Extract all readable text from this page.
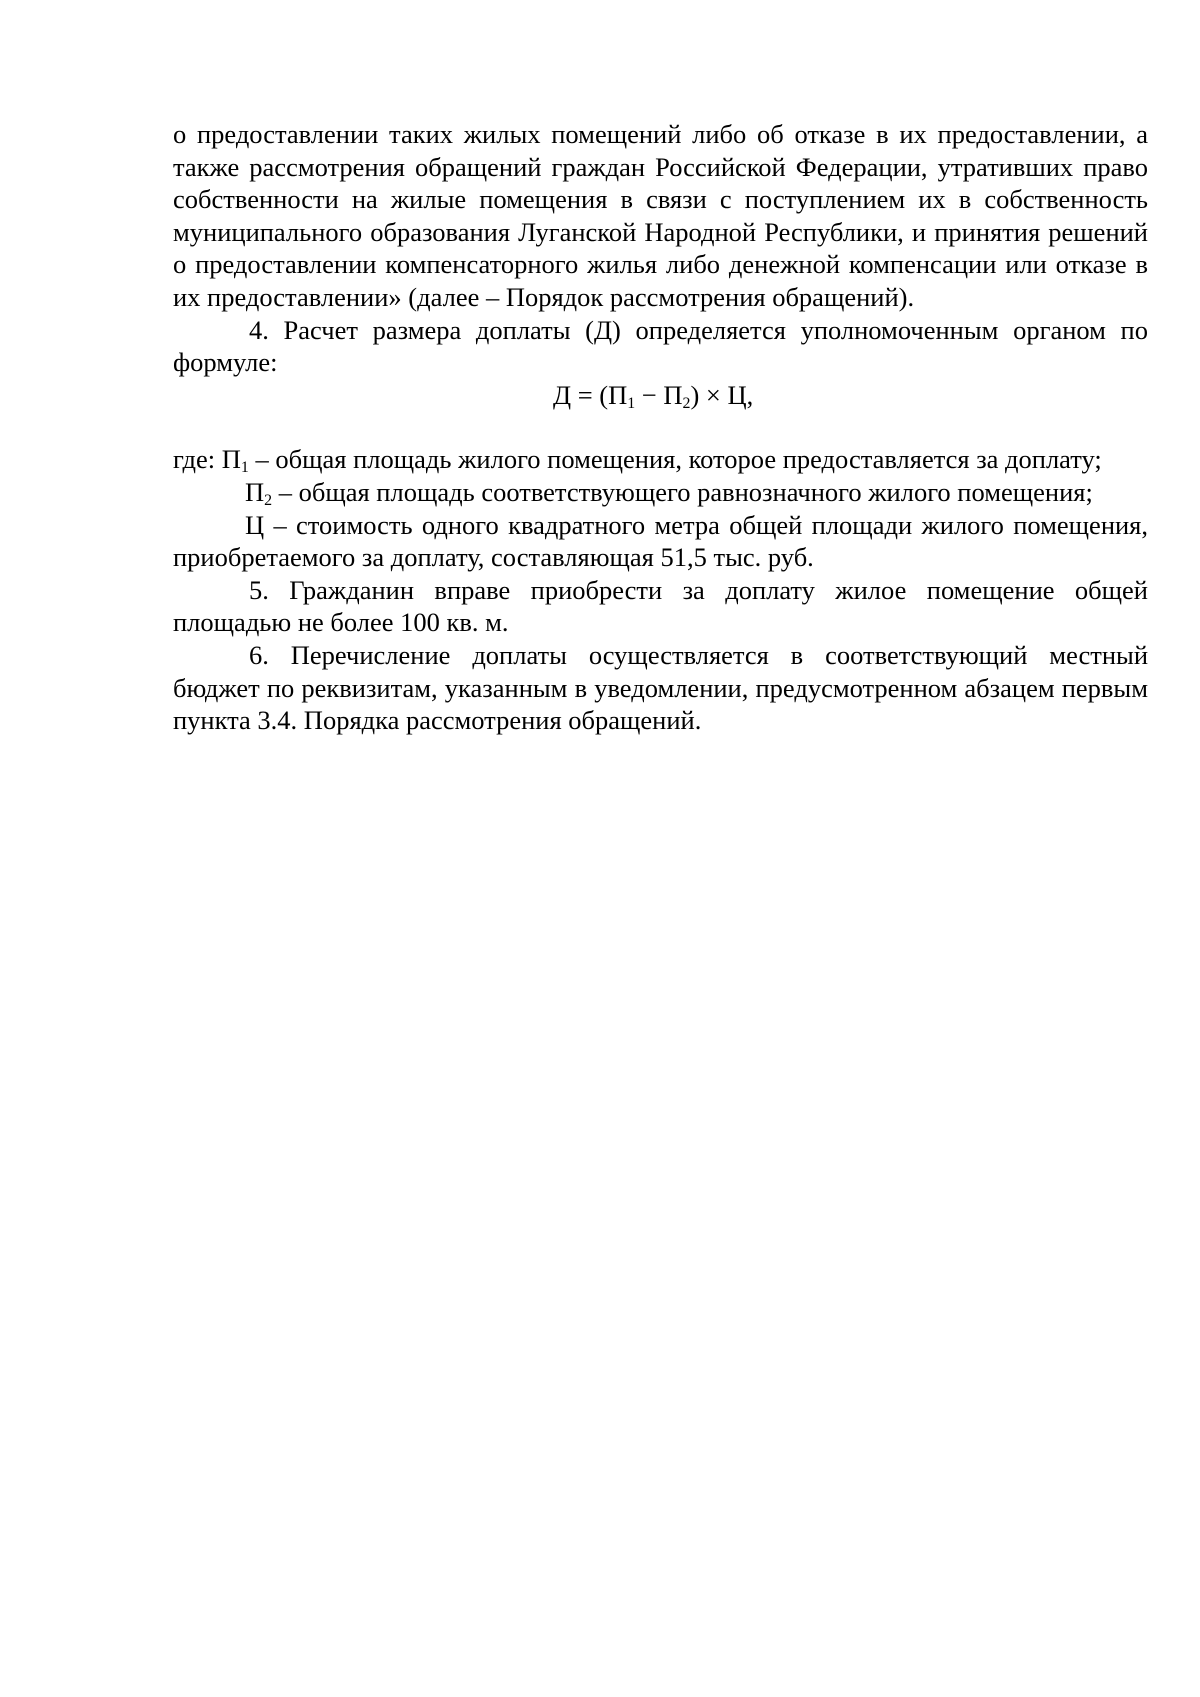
о предоставлении таких жилых помещений либо об отказе в их предоставлении, а также рассмотрения обращений граждан Российской Федерации, утративших право собственности на жилые помещения в связи с поступлением их в собственность муниципального образования Луганской Народной Республики, и принятия решений о предоставлении компенсаторного жилья либо денежной компенсации или отказе в их предоставлении» (далее – Порядок рассмотрения обращений).

4. Расчет размера доплаты (Д) определяется уполномоченным органом по формуле:

$Д = (П_1 - П_2) \times Ц$,

где: $П_1$ – общая площадь жилого помещения, которое предоставляется за доплату;

$П_2$ – общая площадь соответствующего равнозначного жилого помещения;

Ц – стоимость одного квадратного метра общей площади жилого помещения, приобретаемого за доплату, составляющая 51,5 тыс. руб.

5. Гражданин вправе приобрести за доплату жилое помещение общей площадью не более 100 кв. м.

6. Перечисление доплаты осуществляется в соответствующий местный бюджет по реквизитам, указанным в уведомлении, предусмотренном абзацем первым пункта 3.4. Порядка рассмотрения обращений.
